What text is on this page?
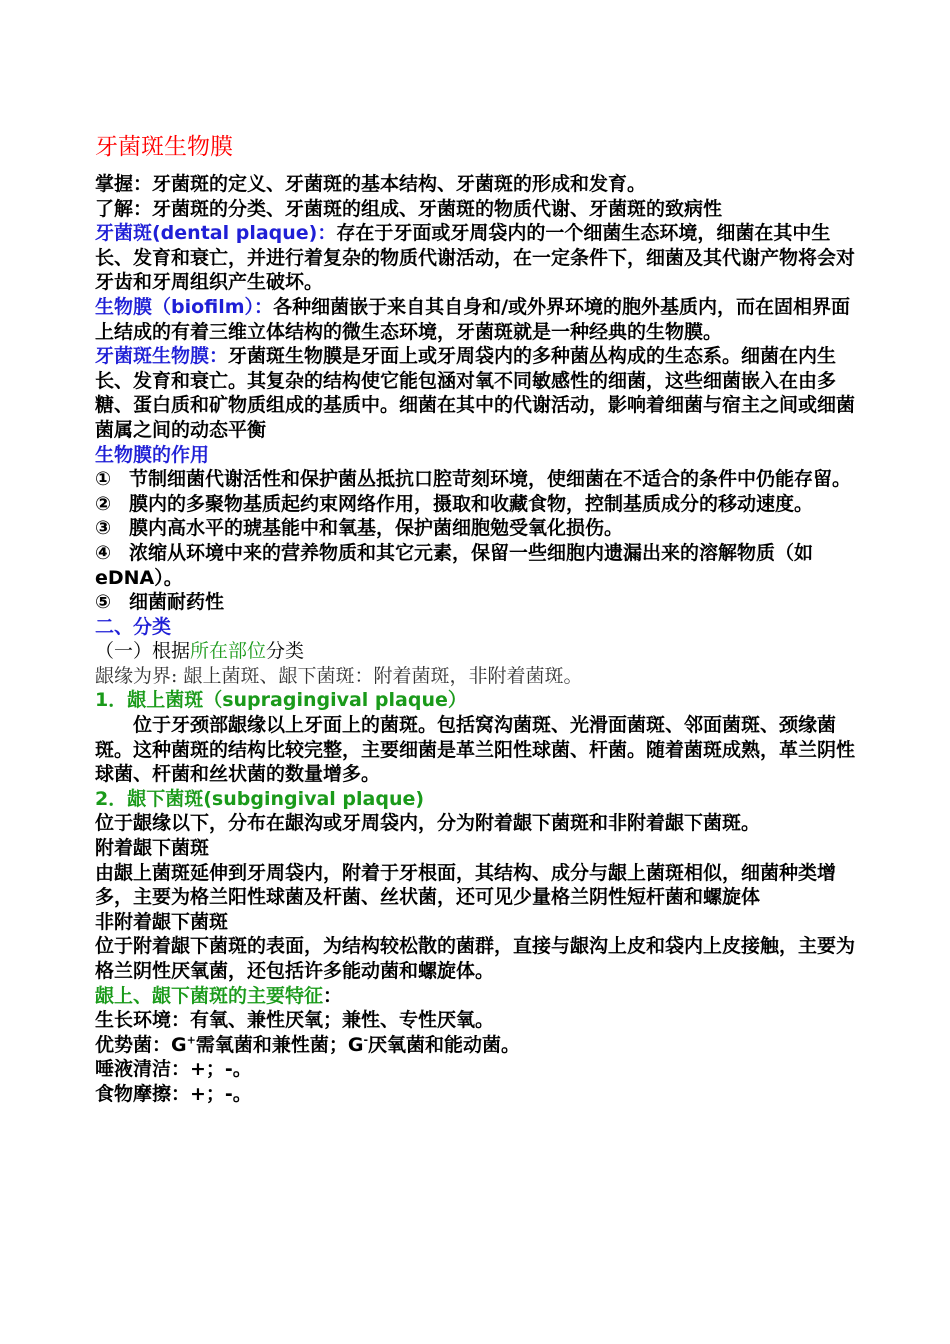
牙菌斑生物膜

掌握：牙菌斑的定义、牙菌斑的基本结构、牙菌斑的形成和发育。

了解：牙菌斑的分类、牙菌斑的组成、牙菌斑的物质代谢、牙菌斑的致病性

牙菌斑(dental plaque)：存在于牙面或牙周袋内的一个细菌生态环境，细菌在其中生长、发育和衰亡，并进行着复杂的物质代谢活动，在一定条件下，细菌及其代谢产物将会对牙齿和牙周组织产生破坏。

生物膜（biofilm）：各种细菌嵌于来自其自身和/或外界环境的胞外基质内，而在固相界面上结成的有着三维立体结构的微生态环境，牙菌斑就是一种经典的生物膜。

牙菌斑生物膜：牙菌斑生物膜是牙面上或牙周袋内的多种菌丛构成的生态系。细菌在内生长、发育和衰亡。其复杂的结构使它能包涵对氧不同敏感性的细菌，这些细菌嵌入在由多糖、蛋白质和矿物质组成的基质中。细菌在其中的代谢活动，影响着细菌与宿主之间或细菌菌属之间的动态平衡

生物膜的作用

① 节制细菌代谢活性和保护菌丛抵抗口腔苛刻环境，使细菌在不适合的条件中仍能存留。

② 膜内的多聚物基质起约束网络作用，摄取和收藏食物，控制基质成分的移动速度。

③ 膜内高水平的琥基能中和氧基，保护菌细胞勉受氧化损伤。

④ 浓缩从环境中来的营养物质和其它元素，保留一些细胞内遗漏出来的溶解物质（如 eDNA）。

⑤ 细菌耐药性

二、分类

（一）根据所在部位分类

龈缘为界: 龈上菌斑、龈下菌斑：附着菌斑，非附着菌斑。

1．龈上菌斑（supragingival plaque）

位于牙颈部龈缘以上牙面上的菌斑。包括窝沟菌斑、光滑面菌斑、邻面菌斑、颈缘菌斑。这种菌斑的结构比较完整，主要细菌是革兰阳性球菌、杆菌。随着菌斑成熟，革兰阴性球菌、杆菌和丝状菌的数量增多。

2．龈下菌斑(subgingival plaque)

位于龈缘以下，分布在龈沟或牙周袋内，分为附着龈下菌斑和非附着龈下菌斑。

附着龈下菌斑

由龈上菌斑延伸到牙周袋内，附着于牙根面，其结构、成分与龈上菌斑相似，细菌种类增多，主要为格兰阳性球菌及杆菌、丝状菌，还可见少量格兰阴性短杆菌和螺旋体

非附着龈下菌斑

位于附着龈下菌斑的表面，为结构较松散的菌群，直接与龈沟上皮和袋内上皮接触，主要为格兰阴性厌氧菌，还包括许多能动菌和螺旋体。

龈上、龈下菌斑的主要特征：

生长环境：有氧、兼性厌氧；兼性、专性厌氧。

优势菌：G+需氧菌和兼性菌；G-厌氧菌和能动菌。

唾液清洁：+；-。

食物摩擦：+；-。
